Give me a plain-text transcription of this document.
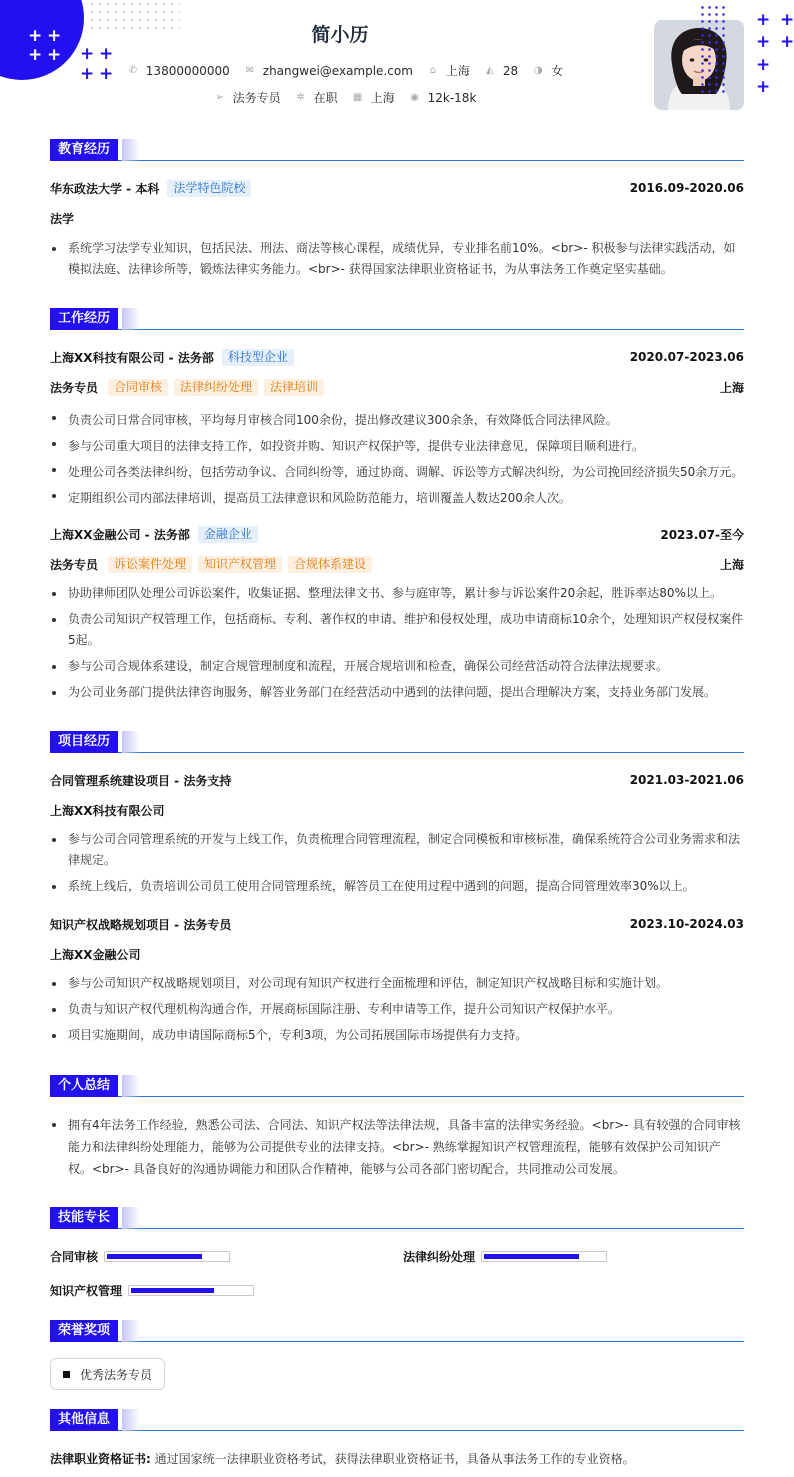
+ +
+ + + +
+ +
+ +
+ +
+
+
简小历
✆ 13800000000 ✉ zhangwei@example.com ⌂ 上海 ◭ 28 ◑ 女
➢ 法务专员 ✲ 在职 ▦ 上海 ◉ 12k-18k
教育经历
华东政法大学 - 本科	法学特色院校	2016.09-2020.06
法学
系统学习法学专业知识，包括民法、刑法、商法等核心课程，成绩优异，专业排名前10%。<br>- 积极参与法律实践活动，如模拟法庭、法律诊所等，锻炼法律实务能力。<br>- 获得国家法律职业资格证书，为从事法务工作奠定坚实基础。
工作经历
上海XX科技有限公司 - 法务部	科技型企业	2020.07-2023.06
法务专员	合同审核	法律纠纷处理	法律培训	上海
负责公司日常合同审核，平均每月审核合同100余份，提出修改建议300余条，有效降低合同法律风险。
参与公司重大项目的法律支持工作，如投资并购、知识产权保护等，提供专业法律意见，保障项目顺利进行。
处理公司各类法律纠纷，包括劳动争议、合同纠纷等，通过协商、调解、诉讼等方式解决纠纷，为公司挽回经济损失50余万元。
定期组织公司内部法律培训，提高员工法律意识和风险防范能力，培训覆盖人数达200余人次。
上海XX金融公司 - 法务部	金融企业	2023.07-至今
法务专员	诉讼案件处理	知识产权管理	合规体系建设	上海
协助律师团队处理公司诉讼案件，收集证据、整理法律文书、参与庭审等，累计参与诉讼案件20余起，胜诉率达80%以上。
负责公司知识产权管理工作，包括商标、专利、著作权的申请、维护和侵权处理，成功申请商标10余个，处理知识产权侵权案件5起。
参与公司合规体系建设，制定合规管理制度和流程，开展合规培训和检查，确保公司经营活动符合法律法规要求。
为公司业务部门提供法律咨询服务，解答业务部门在经营活动中遇到的法律问题，提出合理解决方案，支持业务部门发展。
项目经历
合同管理系统建设项目 - 法务支持	2021.03-2021.06
上海XX科技有限公司
参与公司合同管理系统的开发与上线工作，负责梳理合同管理流程，制定合同模板和审核标准，确保系统符合公司业务需求和法律规定。
系统上线后，负责培训公司员工使用合同管理系统，解答员工在使用过程中遇到的问题，提高合同管理效率30%以上。
知识产权战略规划项目 - 法务专员	2023.10-2024.03
上海XX金融公司
参与公司知识产权战略规划项目，对公司现有知识产权进行全面梳理和评估，制定知识产权战略目标和实施计划。
负责与知识产权代理机构沟通合作，开展商标国际注册、专利申请等工作，提升公司知识产权保护水平。
项目实施期间，成功申请国际商标5个，专利3项，为公司拓展国际市场提供有力支持。
个人总结
拥有4年法务工作经验，熟悉公司法、合同法、知识产权法等法律法规，具备丰富的法律实务经验。<br>- 具有较强的合同审核能力和法律纠纷处理能力，能够为公司提供专业的法律支持。<br>- 熟练掌握知识产权管理流程，能够有效保护公司知识产权。<br>- 具备良好的沟通协调能力和团队合作精神，能够与公司各部门密切配合，共同推动公司发展。
技能专长
合同审核	法律纠纷处理
知识产权管理
荣誉奖项
优秀法务专员
其他信息
法律职业资格证书: 通过国家统一法律职业资格考试，获得法律职业资格证书，具备从事法务工作的专业资格。
